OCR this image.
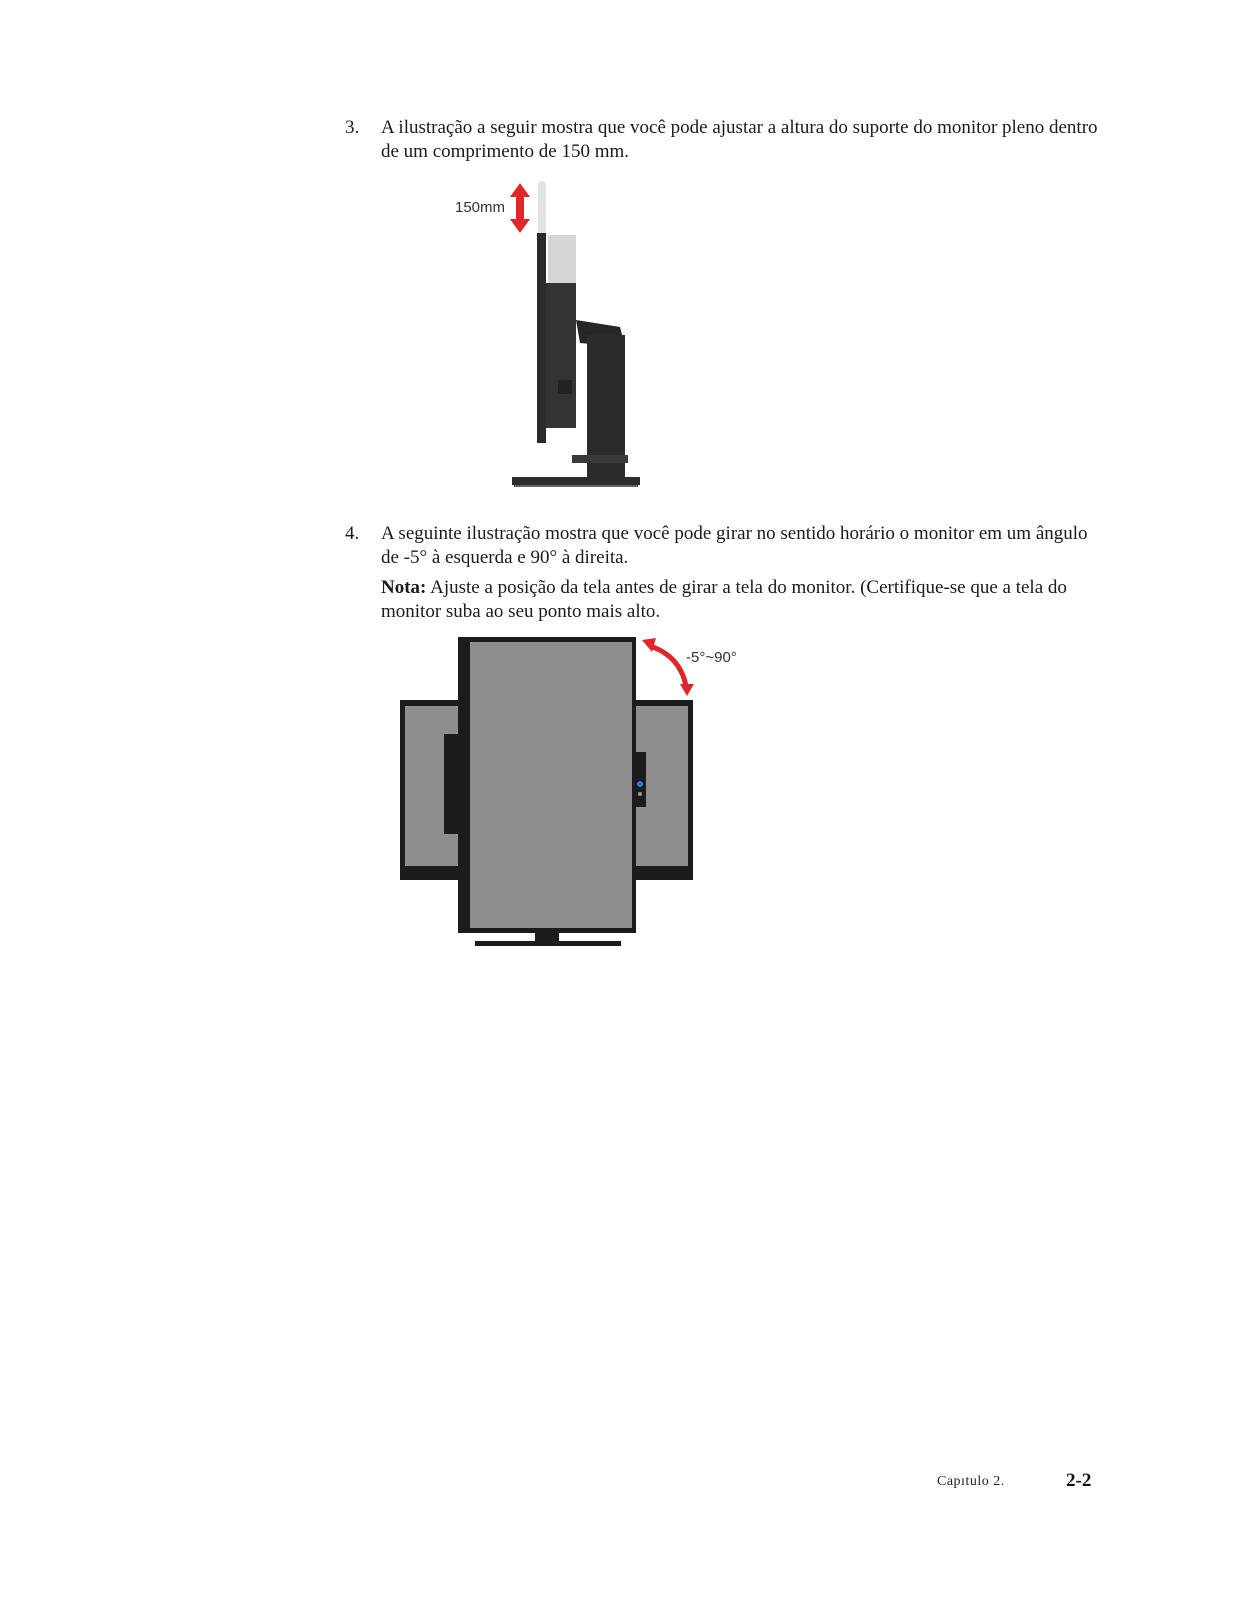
3. A ilustração a seguir mostra que você pode ajustar a altura do suporte do monitor pleno dentro de um comprimento de 150 mm.
150mm
4. A seguinte ilustração mostra que você pode girar no sentido horário o monitor em um ângulo de -5° à esquerda e 90° à direita.
Nota: Ajuste a posição da tela antes de girar a tela do monitor. (Certifique-se que a tela do monitor suba ao seu ponto mais alto.
-5°~90°
Capıtulo 2.	2-2
